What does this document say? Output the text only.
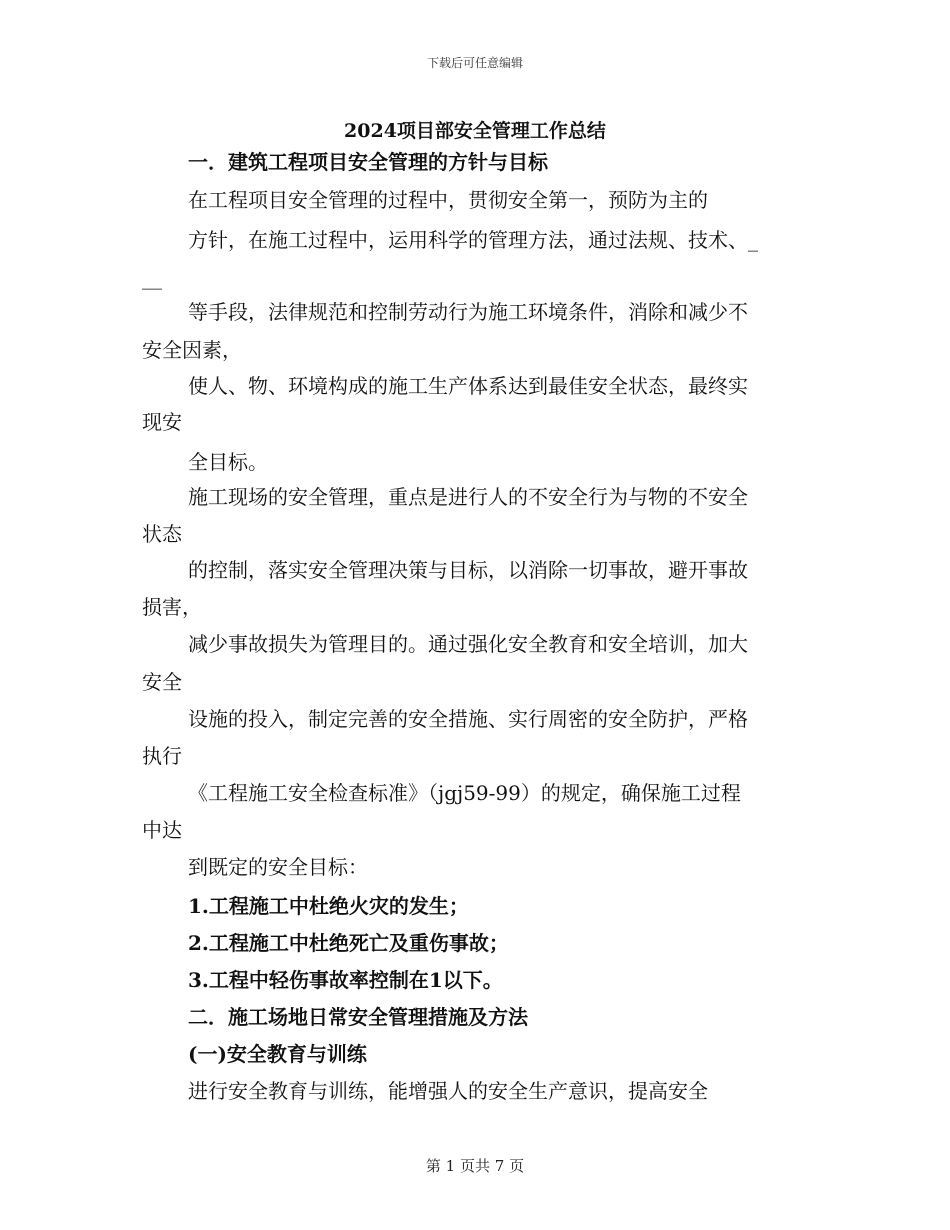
下载后可任意编辑
2024项目部安全管理工作总结
一．建筑工程项目安全管理的方针与目标
在工程项目安全管理的过程中，贯彻安全第一，预防为主的
方针，在施工过程中，运用科学的管理方法，通过法规、技术、_
__
等手段，法律规范和控制劳动行为施工环境条件，消除和减少不
安全因素，
使人、物、环境构成的施工生产体系达到最佳安全状态，最终实
现安
全目标。
施工现场的安全管理，重点是进行人的不安全行为与物的不安全
状态
的控制，落实安全管理决策与目标，以消除一切事故，避开事故
损害，
减少事故损失为管理目的。通过强化安全教育和安全培训，加大
安全
设施的投入，制定完善的安全措施、实行周密的安全防护，严格
执行
《工程施工安全检查标准》（jgj59-99）的规定，确保施工过程
中达
到既定的安全目标：
1.工程施工中杜绝火灾的发生；
2.工程施工中杜绝死亡及重伤事故；
3.工程中轻伤事故率控制在1以下。
二．施工场地日常安全管理措施及方法
(一)安全教育与训练
进行安全教育与训练，能增强人的安全生产意识，提高安全
第 1 页共 7 页
